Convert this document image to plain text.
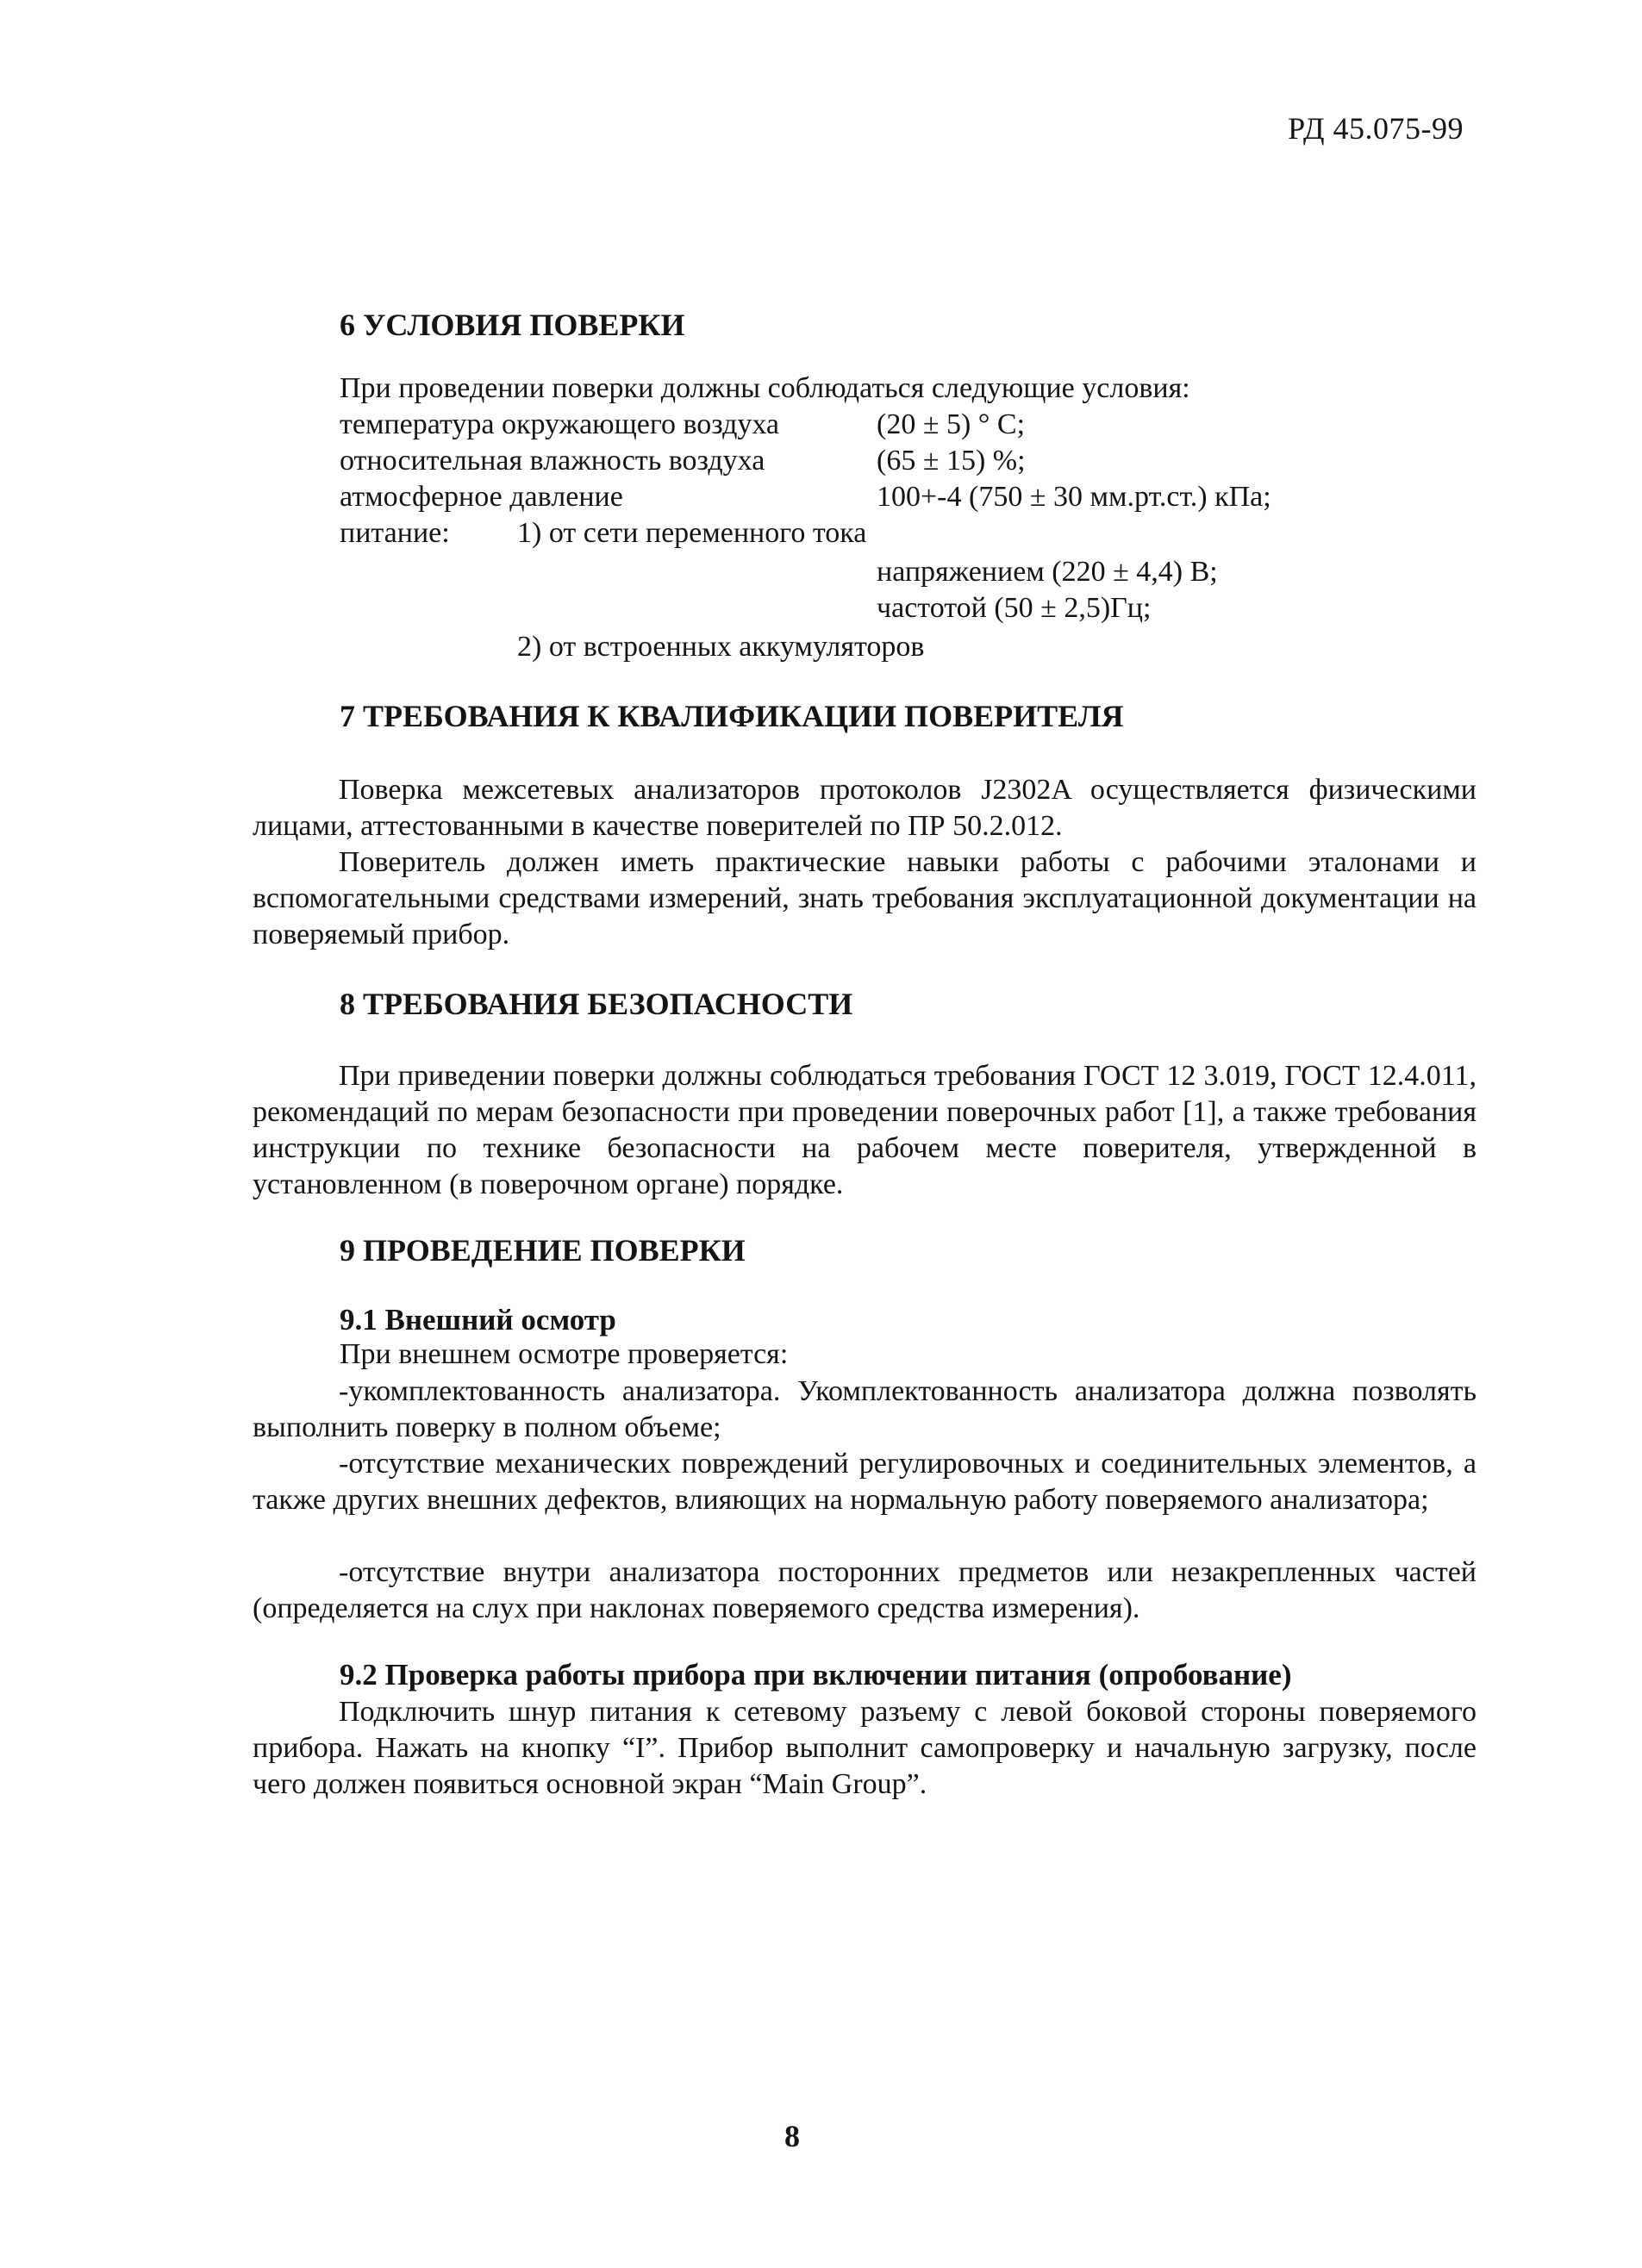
РД 45.075-99
6 УСЛОВИЯ ПОВЕРКИ

При проведении поверки должны соблюдаться следующие условия:

температура окружающего воздуха	(20 ± 5) ° С;

относительная влажность воздуха	(65 ± 15) %;

атмосферное давление	100+-4 (750 ± 30 мм.рт.ст.) кПа;

питание: 1) от сети переменного тока

напряжением (220 ± 4,4) В;

частотой (50 ± 2,5)Гц;

2) от встроенных аккумуляторов

7 ТРЕБОВАНИЯ К КВАЛИФИКАЦИИ ПОВЕРИТЕЛЯ

Поверка межсетевых анализаторов протоколов J2302A осуществляется физическими лицами, аттестованными в качестве поверителей по ПР 50.2.012.

Поверитель должен иметь практические навыки работы с рабочими эталонами и вспомогательными средствами измерений, знать требования эксплуатационной документации на поверяемый прибор.

8 ТРЕБОВАНИЯ БЕЗОПАСНОСТИ

При приведении поверки должны соблюдаться требования ГОСТ 12 3.019, ГОСТ 12.4.011, рекомендаций по мерам безопасности при проведении поверочных работ [1], а также требования инструкции по технике безопасности на рабочем месте поверителя, утвержденной в установленном (в поверочном органе) порядке.

9 ПРОВЕДЕНИЕ ПОВЕРКИ
9.1 Внешний осмотр

При внешнем осмотре проверяется:

-укомплектованность анализатора. Укомплектованность анализатора должна позволять выполнить поверку в полном объеме;

-отсутствие механических повреждений регулировочных и соединительных элементов, а также других внешних дефектов, влияющих на нормальную работу поверяемого анализатора;

-отсутствие внутри анализатора посторонних предметов или незакрепленных частей (определяется на слух при наклонах поверяемого средства измерения).

9.2 Проверка работы прибора при включении питания (опробование)

Подключить шнур питания к сетевому разъему с левой боковой стороны поверяемого прибора. Нажать на кнопку “I”. Прибор выполнит самопроверку и начальную загрузку, после чего должен появиться основной экран “Main Group”.

8
